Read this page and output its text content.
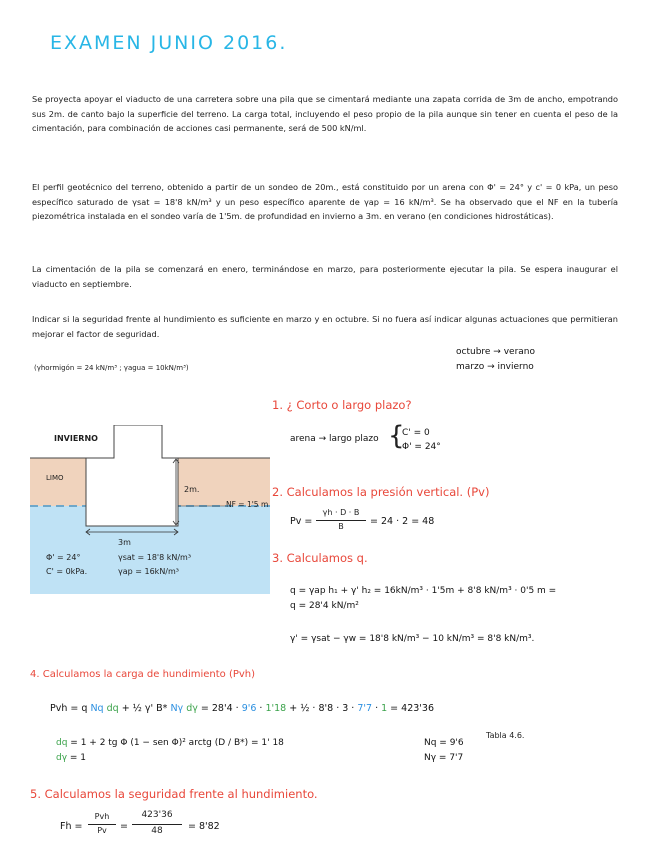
EXAMEN JUNIO 2016.
Se proyecta apoyar el viaducto de una carretera sobre una pila que se cimentará mediante una zapata corrida de 3m de ancho, empotrando sus 2m. de canto bajo la superficie del terreno. La carga total, incluyendo el peso propio de la pila aunque sin tener en cuenta el peso de la cimentación, para combinación de acciones casi permanente, será de 500 kN/ml.
El perfil geotécnico del terreno, obtenido a partir de un sondeo de 20m., está constituido por un arena con Φ' = 24° y c' = 0 kPa, un peso específico saturado de γsat = 18'8 kN/m³ y un peso específico aparente de γap = 16 kN/m³. Se ha observado que el NF en la tubería piezométrica instalada en el sondeo varía de 1'5m. de profundidad en invierno a 3m. en verano (en condiciones hidrostáticas).
La cimentación de la pila se comenzará en enero, terminándose en marzo, para posteriormente ejecutar la pila. Se espera inaugurar el viaducto en septiembre.
Indicar si la seguridad frente al hundimiento es suficiente en marzo y en octubre. Si no fuera así indicar algunas actuaciones que permitieran mejorar el factor de seguridad.
(γhormigón = 24 kN/m³ ; γagua = 10kN/m³)
octubre → verano
marzo → invierno
INVIERNO
LIMO
2m.
NF = 1'5 m
3m
Φ' = 24°
C' = 0kPa.
γsat = 18'8 kN/m³
γap = 16kN/m³
1. ¿ Corto o largo plazo?
arena → largo plazo {
C' = 0
Φ' = 24°
2. Calculamos la presión vertical. (Pv)
Pv =
γh · D · B
B	= 24 · 2 = 48
3. Calculamos q.
q = γap h₁ + γ' h₂ = 16kN/m³ · 1'5m + 8'8 kN/m³ · 0'5 m =
q = 28'4 kN/m²
γ' = γsat − γw = 18'8 kN/m³ − 10 kN/m³ = 8'8 kN/m³.
4. Calculamos la carga de hundimiento (Pvh)
Pvh = q Nq dq + ½ γ' B* Nγ dγ = 28'4 · 9'6 · 1'18 + ½ · 8'8 · 3 · 7'7 · 1 = 423'36
dq = 1 + 2 tg Φ (1 − sen Φ)² arctg (D / B*) = 1' 18
dγ = 1
Nq = 9'6
Nγ = 7'7
Tabla 4.6.
5. Calculamos la seguridad frente al hundimiento.
Fh =
Pvh
Pv	=
423'36
48	= 8'82
